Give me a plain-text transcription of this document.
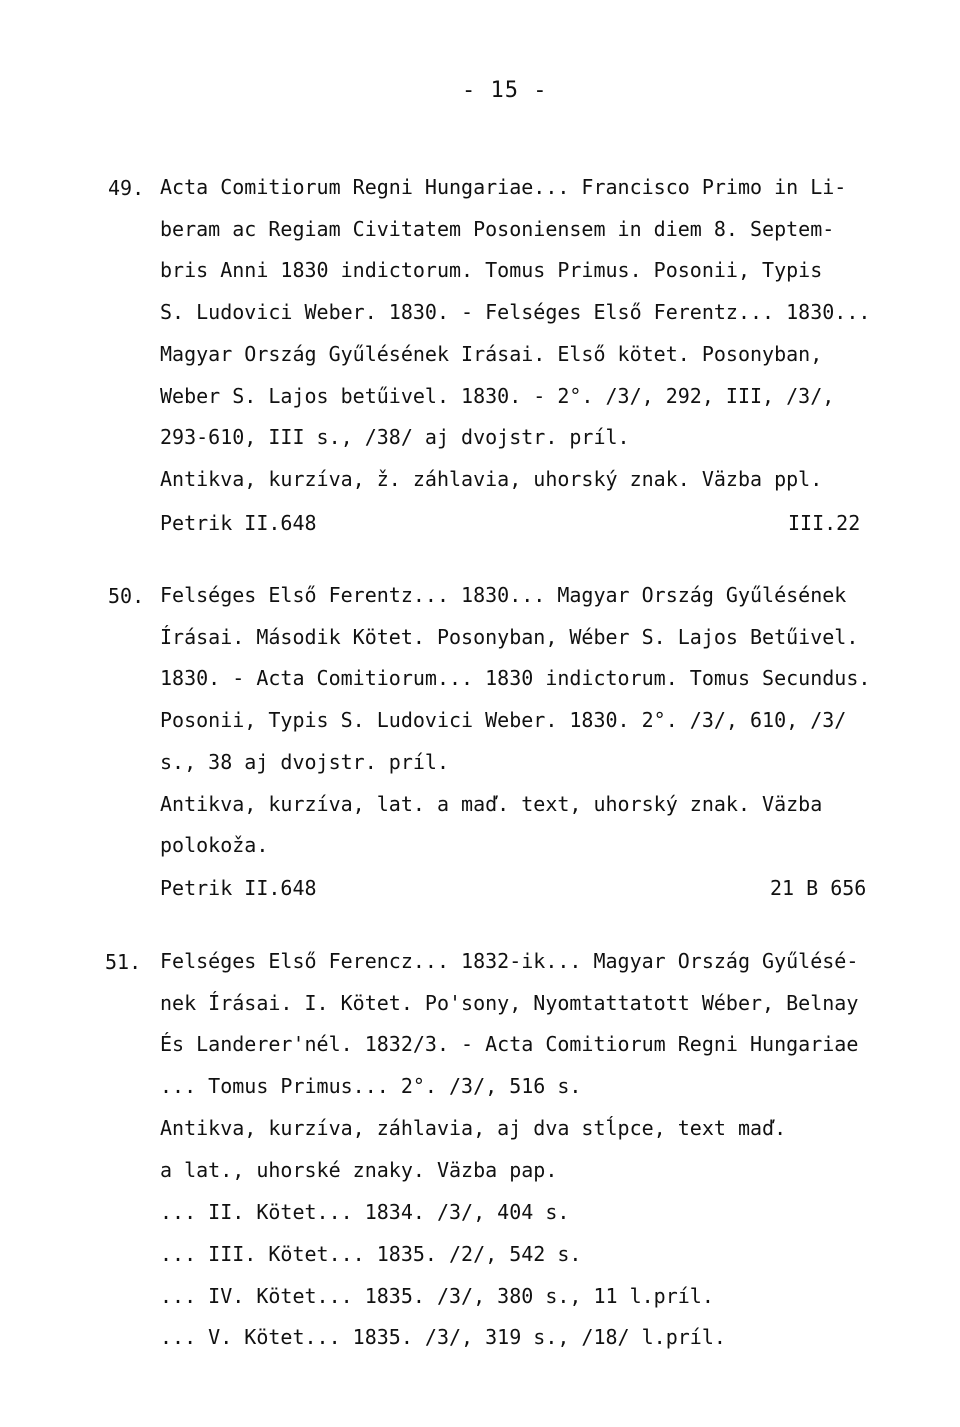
- 15 -
49. Acta Comitiorum Regni Hungariae... Francisco Primo in Li-
beram ac Regiam Civitatem Posoniensem in diem 8. Septem-
bris Anni 1830 indictorum. Tomus Primus. Posonii, Typis
S. Ludovici Weber. 1830. - Felséges Első Ferentz... 1830...
Magyar Ország Gyűlésének Irásai. Első kötet. Posonyban,
Weber S. Lajos betűivel. 1830. - 2°. /3/, 292, III, /3/,
293-610, III s., /38/ aj dvojstr. príl.
Antikva, kurzíva, ž. záhlavia, uhorský znak. Väzba ppl.
Petrik II.648	III.22
50. Felséges Első Ferentz... 1830... Magyar Ország Gyűlésének
Írásai. Második Kötet. Posonyban, Wéber S. Lajos Betűivel.
1830. - Acta Comitiorum... 1830 indictorum. Tomus Secundus.
Posonii, Typis S. Ludovici Weber. 1830. 2°. /3/, 610, /3/
s., 38 aj dvojstr. príl.
Antikva, kurzíva, lat. a maď. text, uhorský znak. Väzba
polokoža.
Petrik II.648	21 B 656
51. Felséges Első Ferencz... 1832-ik... Magyar Ország Gyűlésé-
nek Írásai. I. Kötet. Po'sony, Nyomtattatott Wéber, Belnay
És Landerer'nél. 1832/3. - Acta Comitiorum Regni Hungariae
... Tomus Primus... 2°. /3/, 516 s.
Antikva, kurzíva, záhlavia, aj dva stĺpce, text maď.
a lat., uhorské znaky. Väzba pap.
... II. Kötet... 1834. /3/, 404 s.
... III. Kötet... 1835. /2/, 542 s.
... IV. Kötet... 1835. /3/, 380 s., 11 l.príl.
... V. Kötet... 1835. /3/, 319 s., /18/ l.príl.
